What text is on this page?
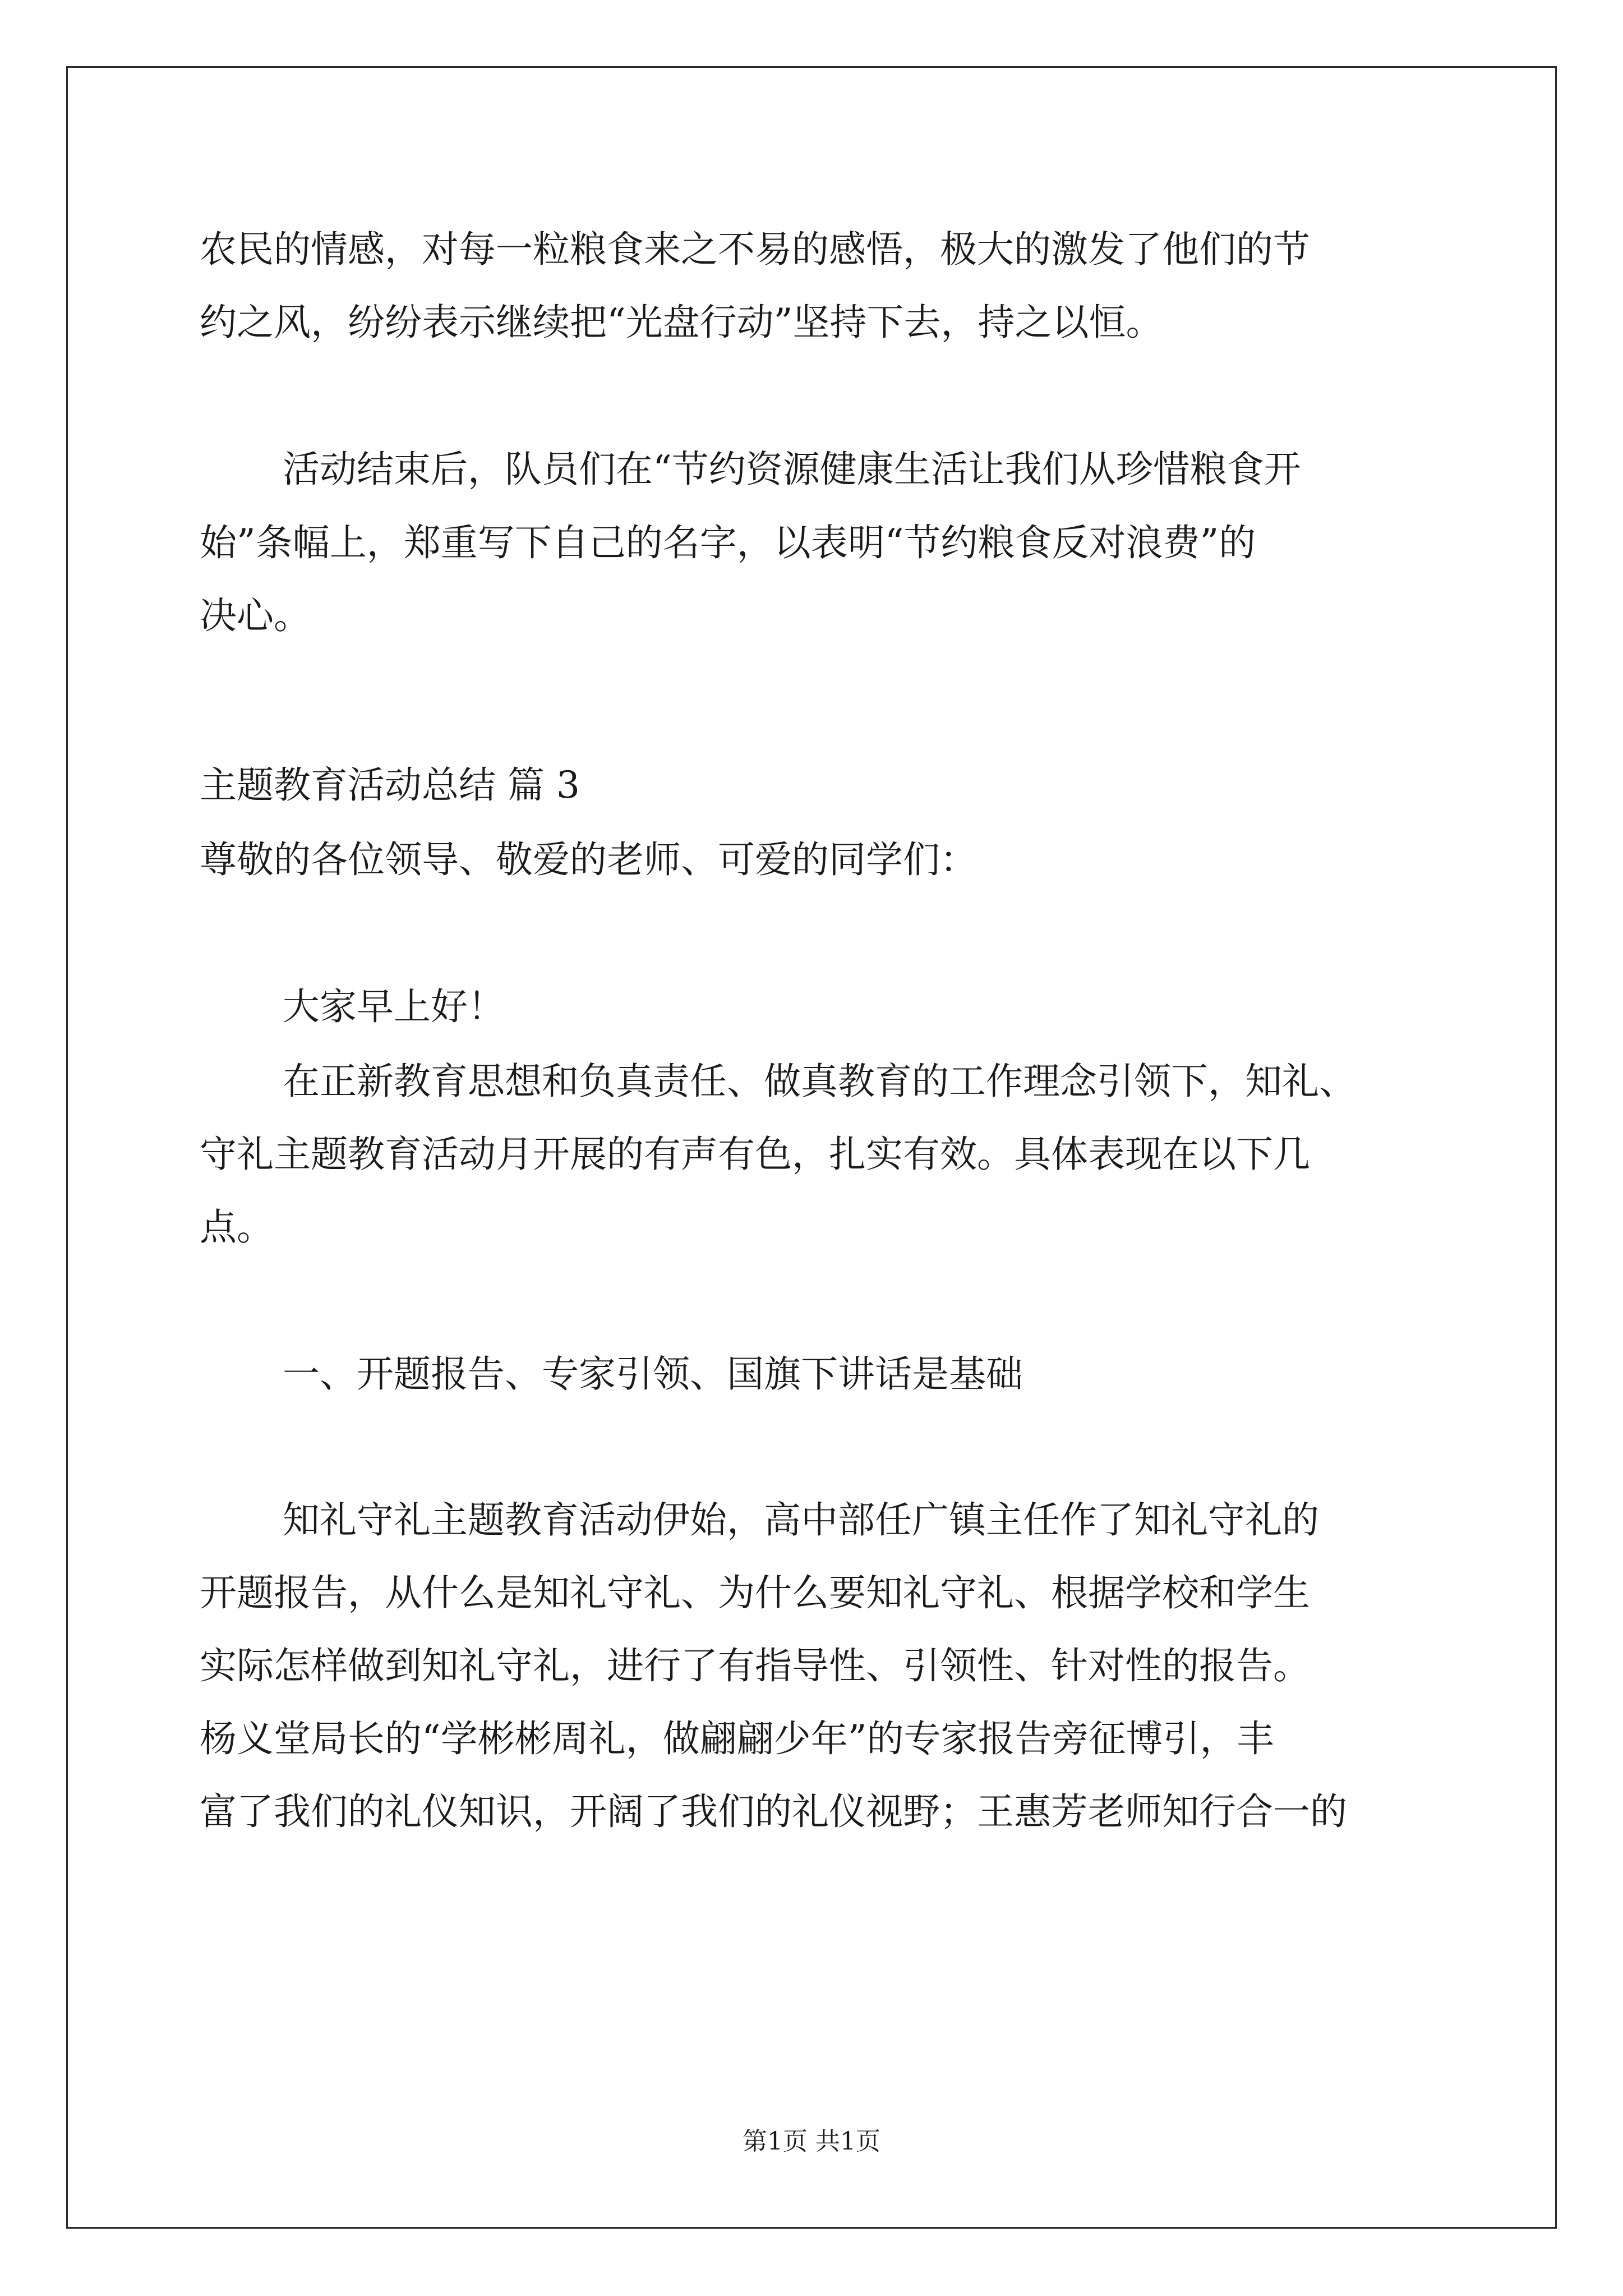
农民的情感，对每一粒粮食来之不易的感悟，极大的激发了他们的节
约之风，纷纷表示继续把“光盘行动”坚持下去，持之以恒。
活动结束后，队员们在“节约资源健康生活让我们从珍惜粮食开
始”条幅上，郑重写下自己的名字，以表明“节约粮食反对浪费”的
决心。
主题教育活动总结 篇 3
尊敬的各位领导、敬爱的老师、可爱的同学们：
大家早上好！
在正新教育思想和负真责任、做真教育的工作理念引领下，知礼、
守礼主题教育活动月开展的有声有色，扎实有效。具体表现在以下几
点。
一、开题报告、专家引领、国旗下讲话是基础
知礼守礼主题教育活动伊始，高中部任广镇主任作了知礼守礼的
开题报告，从什么是知礼守礼、为什么要知礼守礼、根据学校和学生
实际怎样做到知礼守礼，进行了有指导性、引领性、针对性的报告。
杨义堂局长的“学彬彬周礼，做翩翩少年”的专家报告旁征博引，丰
富了我们的礼仪知识，开阔了我们的礼仪视野；王惠芳老师知行合一的
第1页 共1页
